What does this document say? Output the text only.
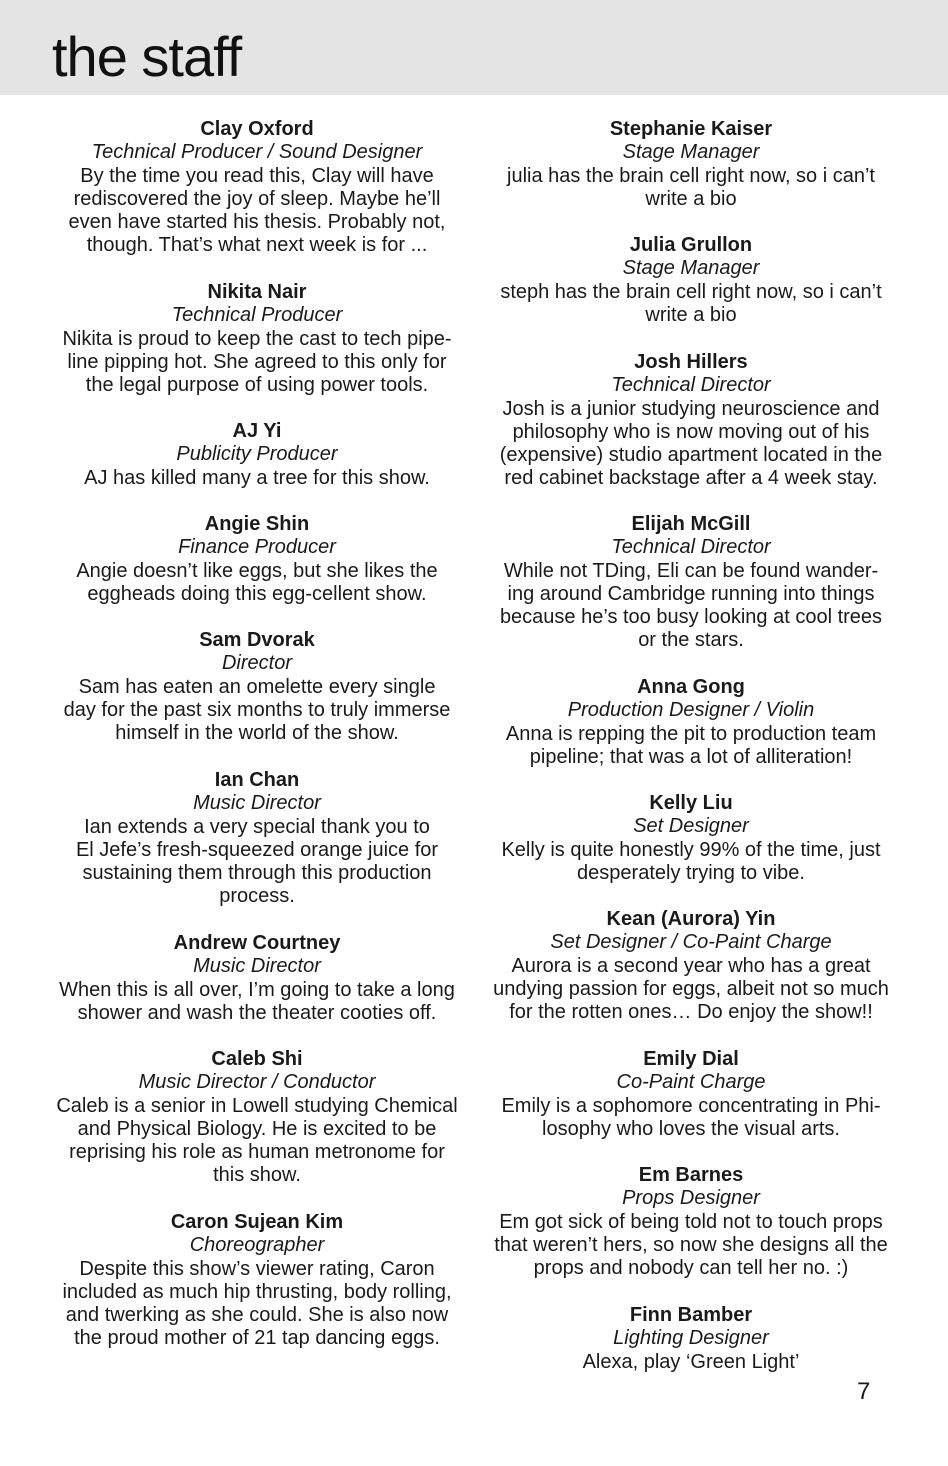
the staff
Clay Oxford
Technical Producer / Sound Designer
By the time you read this, Clay will have
rediscovered the joy of sleep. Maybe he’ll
even have started his thesis. Probably not,
though. That’s what next week is for ...
Nikita Nair
Technical Producer
Nikita is proud to keep the cast to tech pipe-
line pipping hot. She agreed to this only for
the legal purpose of using power tools.
AJ Yi
Publicity Producer
AJ has killed many a tree for this show.
Angie Shin
Finance Producer
Angie doesn’t like eggs, but she likes the
eggheads doing this egg-cellent show.
Sam Dvorak
Director
Sam has eaten an omelette every single
day for the past six months to truly immerse
himself in the world of the show.
Ian Chan
Music Director
Ian extends a very special thank you to
El Jefe’s fresh-squeezed orange juice for
sustaining them through this production
process.
Andrew Courtney
Music Director
When this is all over, I’m going to take a long
shower and wash the theater cooties off.
Caleb Shi
Music Director / Conductor
Caleb is a senior in Lowell studying Chemical
and Physical Biology. He is excited to be
reprising his role as human metronome for
this show.
Caron Sujean Kim
Choreographer
Despite this show’s viewer rating, Caron
included as much hip thrusting, body rolling,
and twerking as she could. She is also now
the proud mother of 21 tap dancing eggs.
Stephanie Kaiser
Stage Manager
julia has the brain cell right now, so i can’t
write a bio
Julia Grullon
Stage Manager
steph has the brain cell right now, so i can’t
write a bio
Josh Hillers
Technical Director
Josh is a junior studying neuroscience and
philosophy who is now moving out of his
(expensive) studio apartment located in the
red cabinet backstage after a 4 week stay.
Elijah McGill
Technical Director
While not TDing, Eli can be found wander-
ing around Cambridge running into things
because he’s too busy looking at cool trees
or the stars.
Anna Gong
Production Designer / Violin
Anna is repping the pit to production team
pipeline; that was a lot of alliteration!
Kelly Liu
Set Designer
Kelly is quite honestly 99% of the time, just
desperately trying to vibe.
Kean (Aurora) Yin
Set Designer / Co-Paint Charge
Aurora is a second year who has a great
undying passion for eggs, albeit not so much
for the rotten ones… Do enjoy the show!!
Emily Dial
Co-Paint Charge
Emily is a sophomore concentrating in Phi-
losophy who loves the visual arts.
Em Barnes
Props Designer
Em got sick of being told not to touch props
that weren’t hers, so now she designs all the
props and nobody can tell her no. :)
Finn Bamber
Lighting Designer
Alexa, play ‘Green Light’
7
